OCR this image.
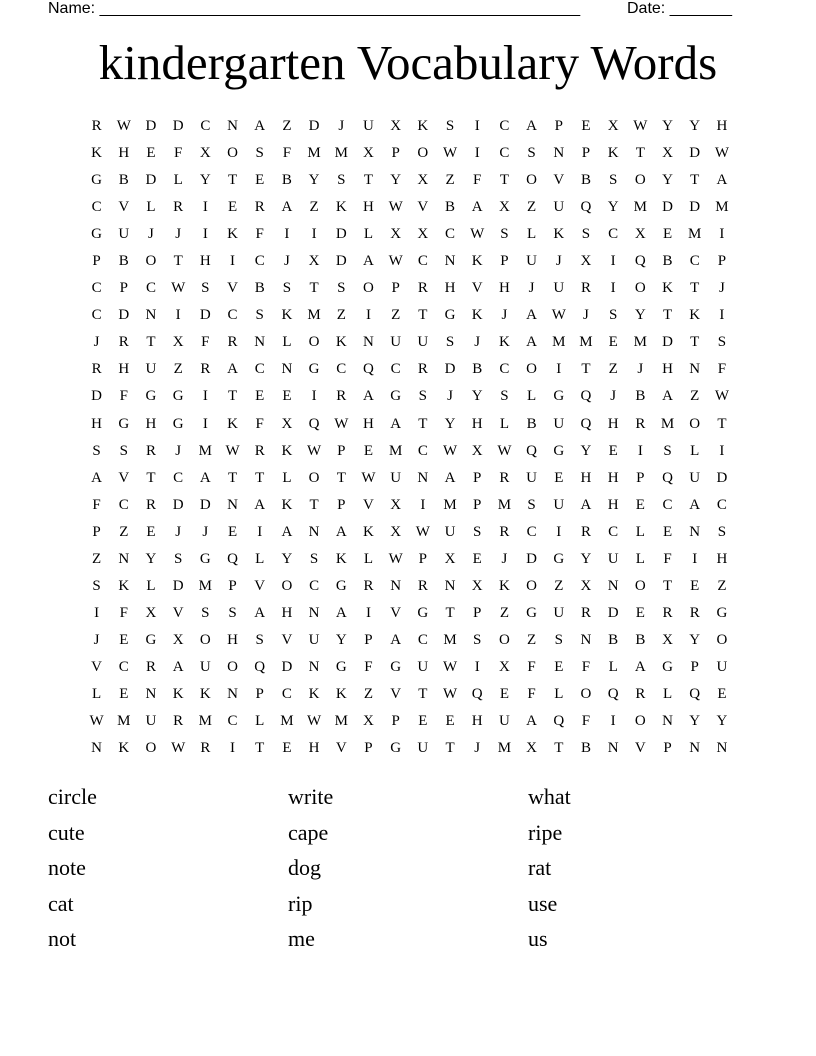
Name: ______________________________________________________	Date: _______
kindergarten Vocabulary Words
R	W D	D	C	N	A	Z	D	J	U	X	K	S	I	C	A	P	E	X W Y	Y	H
K	H	E	F	X	O	S	F	M M	X	P	O W	I	C	S	N	P	K	T	X	D W
G	B	D	L	Y	T	E	B	Y	S	T	Y	X	Z	F	T	O	V	B	S	O	Y	T	A
C	V	L	R	I	E	R	A	Z	K	H W V	B	A	X	Z	U	Q	Y	M	D	D	M
G	U	J	J	I	K	F	I	I	D	L	X	X	C	W	S	L	K	S	C	X	E	M	I
P	B	O	T	H	I	C	J	X	D	A W	C	N	K	P	U	J	X	I	Q	B	C	P
C	P	C	W	S	V	B	S	T	S	O	P	R	H	V	H	J	U	R	I	O	K	T	J
C	D	N	I	D	C	S	K	M	Z	I	Z	T	G	K	J	A W	J	S	Y	T	K	I
J	R	T	X	F	R	N	L	O	K	N	U	U	S	J	K	A	M M	E	M	D	T	S
R	H	U	Z	R	A	C	N	G	C	Q	C	R	D	B	C	O	I	T	Z	J	H	N	F
D	F	G	G	I	T	E	E	I	R	A	G	S	J	Y	S	L	G	Q	J	B	A	Z	W
H	G	H	G	I	K	F	X	Q W H	A	T	Y	H	L	B	U	Q	H	R	M	O	T
S	S	R	J	M W	R	K W	P	E	M	C	W X W Q	G	Y	E	I	S	L	I
A	V	T	C	A	T	T	L	O	T	W U	N	A	P	R	U	E	H	H	P	Q	U	D
F	C	R	D	D	N	A	K	T	P	V	X	I	M	P	M	S	U	A	H	E	C	A	C
P	Z	E	J	J	E	I	A	N	A	K	X W U	S	R	C	I	R	C	L	E	N	S
Z	N	Y	S	G	Q	L	Y	S	K	L	W	P	X	E	J	D	G	Y	U	L	F	I	H
S	K	L	D	M	P	V	O	C	G	R	N	R	N	X	K	O	Z	X	N	O	T	E	Z
I	F	X	V	S	S	A	H	N	A	I	V	G	T	P	Z	G	U	R	D	E	R	R	G
J	E	G	X	O	H	S	V	U	Y	P	A	C	M	S	O	Z	S	N	B	B	X	Y	O
V	C	R	A	U	O	Q	D	N	G	F	G	U W	I	X	F	E	F	L	A	G	P	U
L	E	N	K	K	N	P	C	K	K	Z	V	T	W Q	E	F	L	O	Q	R	L	Q	E
W M	U	R	M	C	L	M W M	X	P	E	E	H	U	A	Q	F	I	O	N	Y	Y
N	K	O W	R	I	T	E	H	V	P	G	U	T	J	M	X	T	B	N	V	P	N	N
circle	write	what
cute	cape	ripe
note	dog	rat
cat	rip	use
not	me	us
